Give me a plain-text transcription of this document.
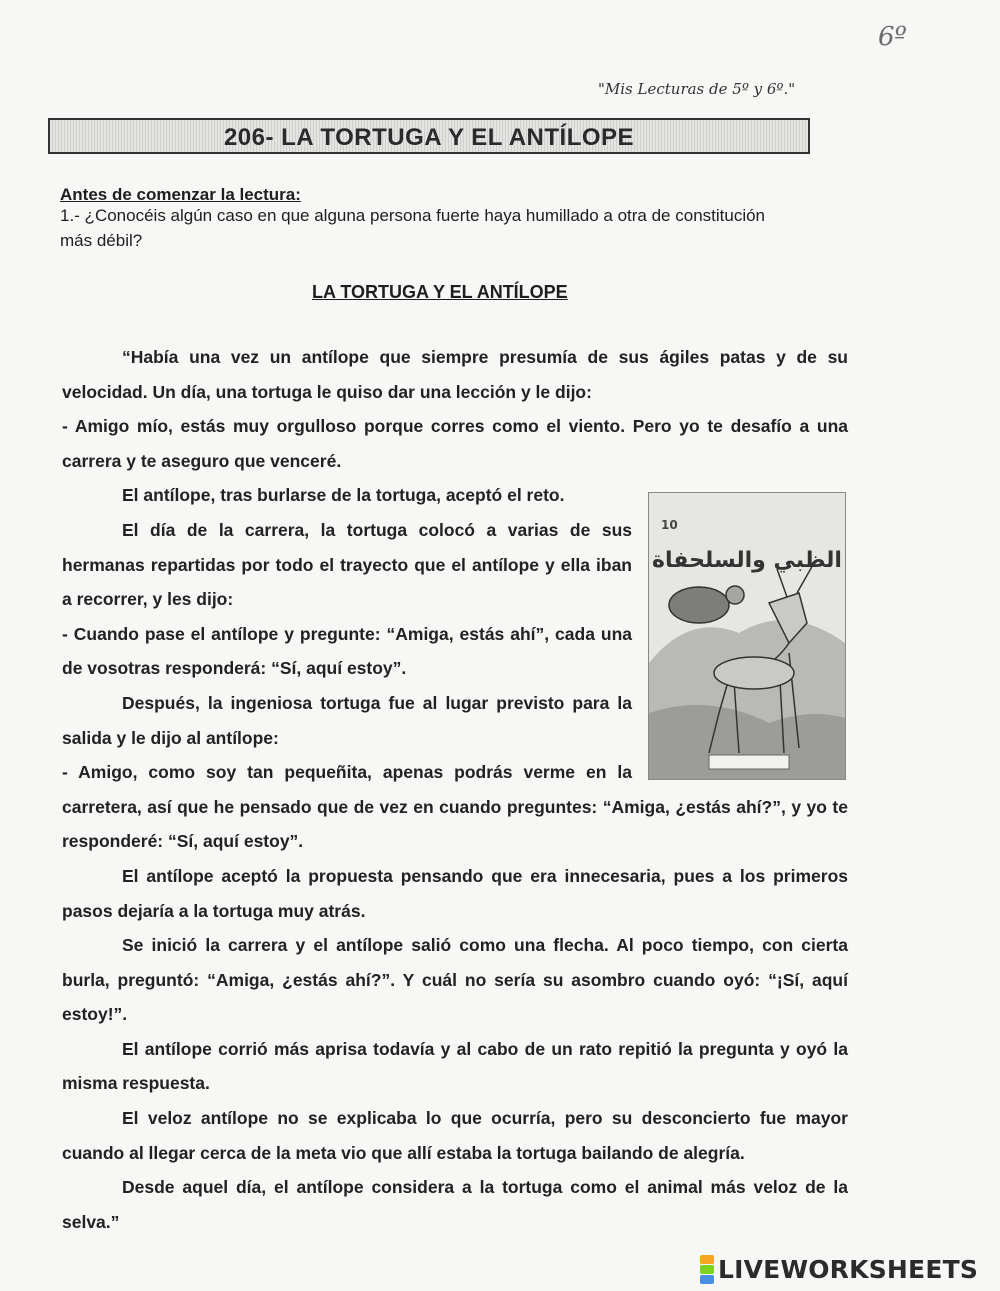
6º
"Mis Lecturas de 5º y 6º."
206- LA TORTUGA Y EL ANTÍLOPE
Antes de comenzar la lectura:
1.- ¿Conocéis algún caso en que alguna persona fuerte haya humillado a otra de constitución más débil?
LA TORTUGA Y EL ANTÍLOPE

“Había una vez un antílope que siempre presumía de sus ágiles patas y de su velocidad. Un día, una tortuga le quiso dar una lección y le dijo:

- Amigo mío, estás muy orgulloso porque corres como el viento. Pero yo te desafío a una carrera y te aseguro que venceré.

10
الظبي والسلحفاة

El antílope, tras burlarse de la tortuga, aceptó el reto.

El día de la carrera, la tortuga colocó a varias de sus hermanas repartidas por todo el trayecto que el antílope y ella iban a recorrer, y les dijo:

- Cuando pase el antílope y pregunte: “Amiga, estás ahí”, cada una de vosotras responderá: “Sí, aquí estoy”.

Después, la ingeniosa tortuga fue al lugar previsto para la salida y le dijo al antílope:

- Amigo, como soy tan pequeñita, apenas podrás verme en la carretera, así que he pensado que de vez en cuando preguntes: “Amiga, ¿estás ahí?”, y yo te responderé: “Sí, aquí estoy”.

El antílope aceptó la propuesta pensando que era innecesaria, pues a los primeros pasos dejaría a la tortuga muy atrás.

Se inició la carrera y el antílope salió como una flecha. Al poco tiempo, con cierta burla, preguntó: “Amiga, ¿estás ahí?”. Y cuál no sería su asombro cuando oyó: “¡Sí, aquí estoy!”.

El antílope corrió más aprisa todavía y al cabo de un rato repitió la pregunta y oyó la misma respuesta.

El veloz antílope no se explicaba lo que ocurría, pero su desconcierto fue mayor cuando al llegar cerca de la meta vio que allí estaba la tortuga bailando de alegría.

Desde aquel día, el antílope considera a la tortuga como el animal más veloz de la selva.”

LIVEWORKSHEETS
